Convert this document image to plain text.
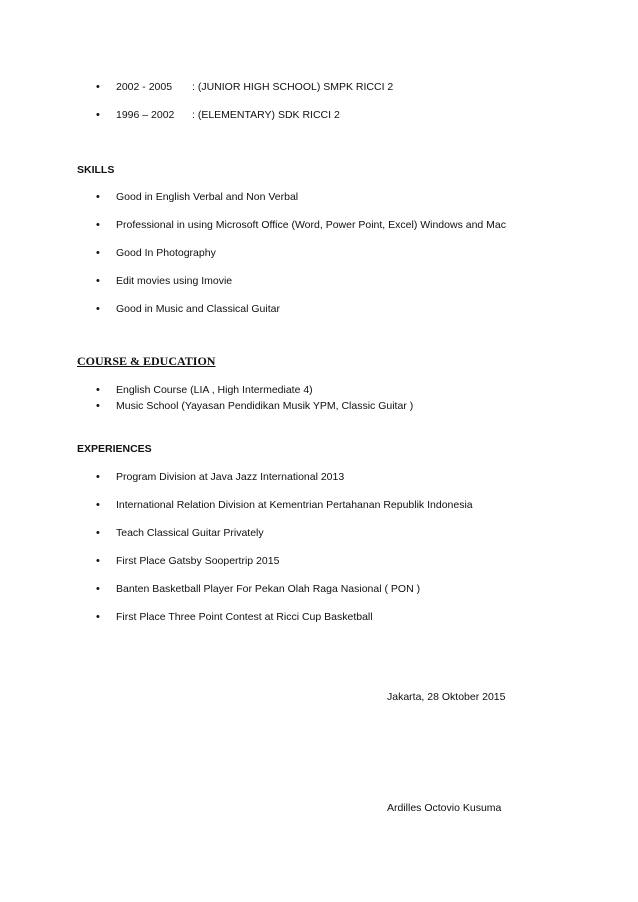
• 2002 - 2005 : (JUNIOR HIGH SCHOOL) SMPK RICCI 2
• 1996 – 2002 : (ELEMENTARY) SDK RICCI 2
SKILLS
• Good in English Verbal and Non Verbal
• Professional in using Microsoft Office (Word, Power Point, Excel) Windows and Mac
• Good In Photography
• Edit movies using Imovie
• Good in Music and Classical Guitar
COURSE & EDUCATION
• English Course (LIA , High Intermediate 4)
• Music School (Yayasan Pendidikan Musik YPM, Classic Guitar )
EXPERIENCES
• Program Division at Java Jazz International 2013
• International Relation Division at Kementrian Pertahanan Republik Indonesia
• Teach Classical Guitar Privately
• First Place Gatsby Soopertrip 2015
• Banten Basketball Player For Pekan Olah Raga Nasional ( PON )
• First Place Three Point Contest at Ricci Cup Basketball
Jakarta, 28 Oktober 2015
Ardilles Octovio Kusuma
